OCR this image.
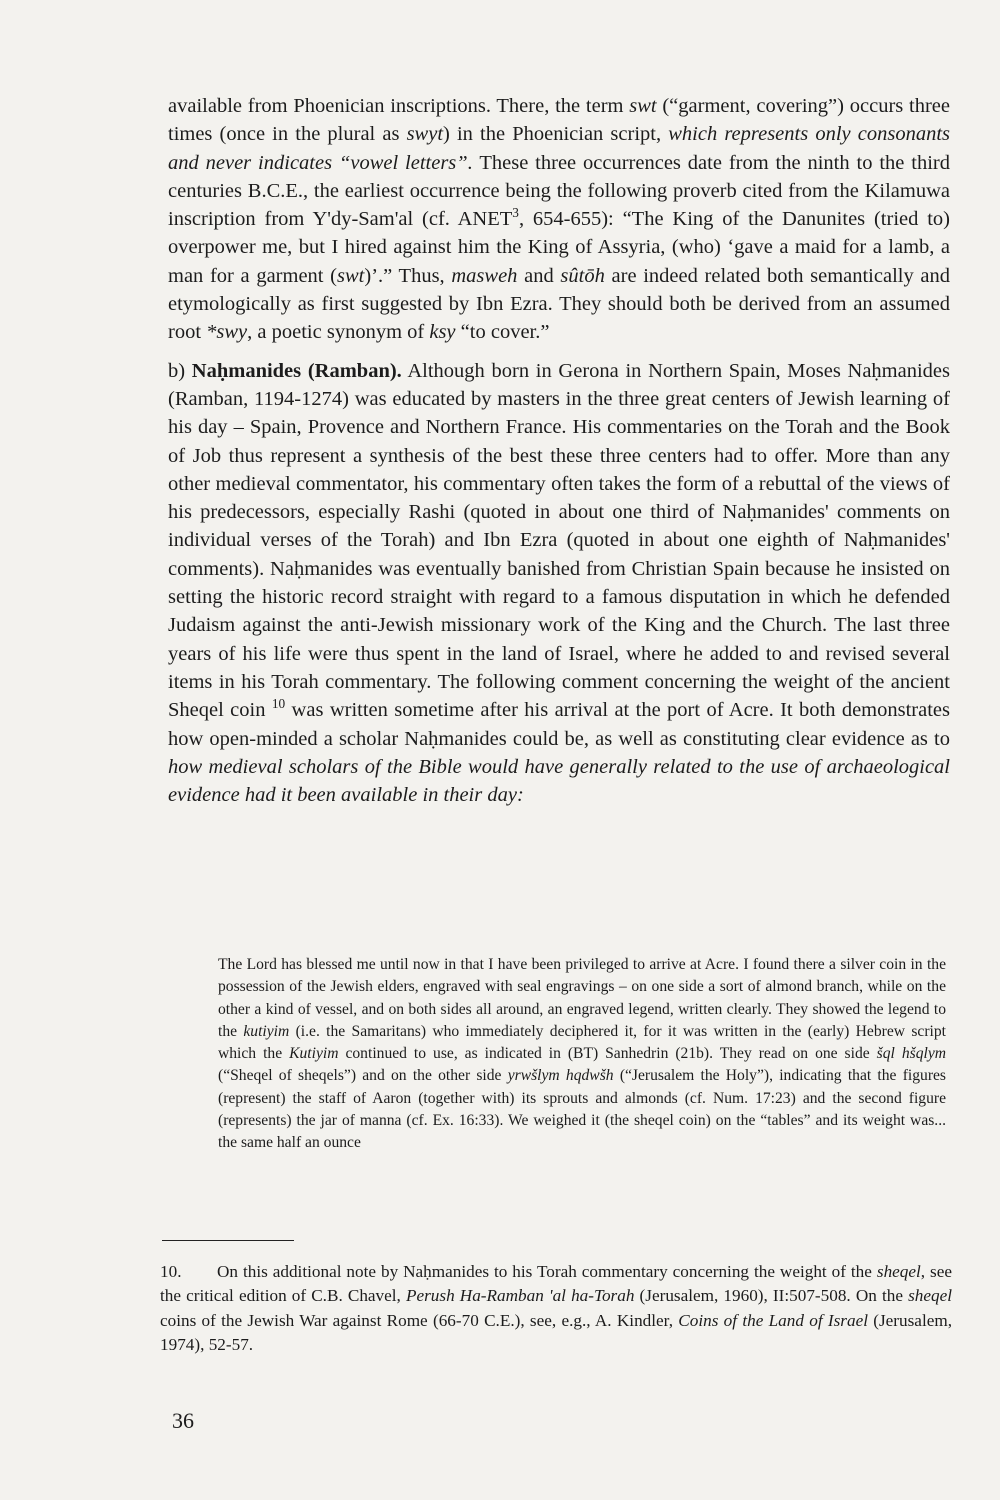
available from Phoenician inscriptions. There, the term swt (“garment, covering”) occurs three times (once in the plural as swyt) in the Phoenician script, which represents only consonants and never indicates “vowel letters”. These three occurrences date from the ninth to the third centuries B.C.E., the earliest occurrence being the following proverb cited from the Kilamuwa inscription from Y'dy-Sam'al (cf. ANET$^3$, 654-655): “The King of the Danunites (tried to) overpower me, but I hired against him the King of Assyria, (who) ‘gave a maid for a lamb, a man for a garment (swt)’.” Thus, masweh and sûtōh are indeed related both semantically and etymologically as first suggested by Ibn Ezra. They should both be derived from an assumed root *swy, a poetic synonym of ksy “to cover.”

b) Naḥmanides (Ramban). Although born in Gerona in Northern Spain, Moses Naḥmanides (Ramban, 1194-1274) was educated by masters in the three great centers of Jewish learning of his day – Spain, Provence and Northern France. His commentaries on the Torah and the Book of Job thus represent a synthesis of the best these three centers had to offer. More than any other medieval commentator, his commentary often takes the form of a rebuttal of the views of his predecessors, especially Rashi (quoted in about one third of Naḥmanides' comments on individual verses of the Torah) and Ibn Ezra (quoted in about one eighth of Naḥmanides' comments). Naḥmanides was eventually banished from Christian Spain because he insisted on setting the historic record straight with regard to a famous disputation in which he defended Judaism against the anti-Jewish missionary work of the King and the Church. The last three years of his life were thus spent in the land of Israel, where he added to and revised several items in his Torah commentary. The following comment concerning the weight of the ancient Sheqel coin $^{10}$ was written sometime after his arrival at the port of Acre. It both demonstrates how open-minded a scholar Naḥmanides could be, as well as constituting clear evidence as to how medieval scholars of the Bible would have generally related to the use of archaeological evidence had it been available in their day:

The Lord has blessed me until now in that I have been privileged to arrive at Acre. I found there a silver coin in the possession of the Jewish elders, engraved with seal engravings – on one side a sort of almond branch, while on the other a kind of vessel, and on both sides all around, an engraved legend, written clearly. They showed the legend to the kutiyim (i.e. the Samaritans) who immediately deciphered it, for it was written in the (early) Hebrew script which the Kutiyim continued to use, as indicated in (BT) Sanhedrin (21b). They read on one side šql hšqlym (“Sheqel of sheqels”) and on the other side yrwšlym hqdwšh (“Jerusalem the Holy”), indicating that the figures (represent) the staff of Aaron (together with) its sprouts and almonds (cf. Num. 17:23) and the second figure (represents) the jar of manna (cf. Ex. 16:33). We weighed it (the sheqel coin) on the “tables” and its weight was... the same half an ounce
10. On this additional note by Naḥmanides to his Torah commentary concerning the weight of the sheqel, see the critical edition of C.B. Chavel, Perush Ha-Ramban 'al ha-Torah (Jerusalem, 1960), II:507-508. On the sheqel coins of the Jewish War against Rome (66-70 C.E.), see, e.g., A. Kindler, Coins of the Land of Israel (Jerusalem, 1974), 52-57.
36
